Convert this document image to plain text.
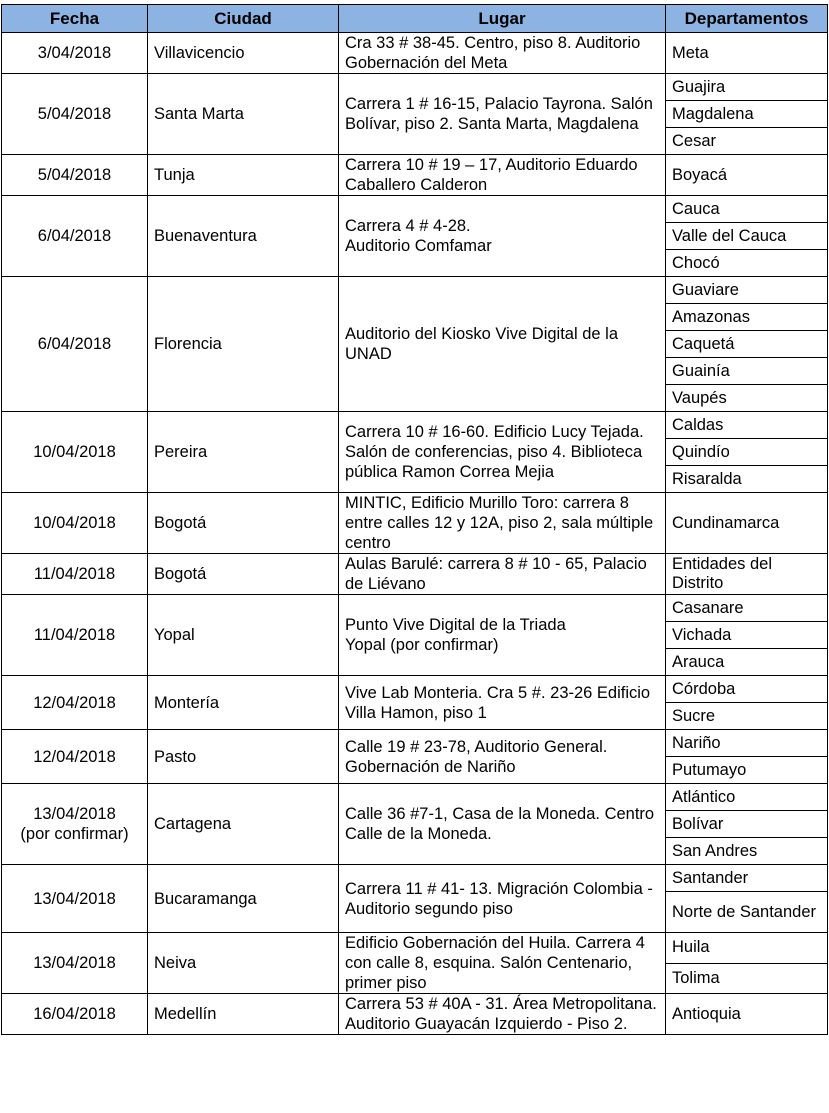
Fecha	Ciudad	Lugar	Departamentos
3/04/2018	Villavicencio	Cra 33 # 38-45. Centro, piso 8. Auditorio Gobernación del Meta	Meta
5/04/2018	Santa Marta	Carrera 1 # 16-15, Palacio Tayrona. Salón Bolívar, piso 2. Santa Marta, Magdalena	Guajira
			Magdalena
			Cesar
5/04/2018	Tunja	Carrera 10 # 19 – 17, Auditorio Eduardo Caballero Calderon	Boyacá
6/04/2018	Buenaventura	Carrera 4 # 4-28.
Auditorio Comfamar	Cauca
			Valle del Cauca
			Chocó
6/04/2018	Florencia	Auditorio del Kiosko Vive Digital de la UNAD	Guaviare
			Amazonas
			Caquetá
			Guainía
			Vaupés
10/04/2018	Pereira	Carrera 10 # 16-60. Edificio Lucy Tejada. Salón de conferencias, piso 4. Biblioteca pública Ramon Correa Mejia	Caldas
			Quindío
			Risaralda
10/04/2018	Bogotá	MINTIC, Edificio Murillo Toro: carrera 8 entre calles 12 y 12A, piso 2, sala múltiple centro	Cundinamarca
11/04/2018	Bogotá	Aulas Barulé: carrera 8 # 10 - 65, Palacio de Liévano	Entidades del Distrito
11/04/2018	Yopal	Punto Vive Digital de la Triada
Yopal (por confirmar)	Casanare
			Vichada
			Arauca
12/04/2018	Montería	Vive Lab Monteria. Cra 5 #. 23-26 Edificio Villa Hamon, piso 1	Córdoba
			Sucre
12/04/2018	Pasto	Calle 19 # 23-78, Auditorio General. Gobernación de Nariño	Nariño
			Putumayo
13/04/2018
(por confirmar)	Cartagena	Calle 36 #7-1, Casa de la Moneda. Centro Calle de la Moneda.	Atlántico
			Bolívar
			San Andres
13/04/2018	Bucaramanga	Carrera 11 # 41- 13. Migración Colombia - Auditorio segundo piso	Santander
			Norte de Santander
13/04/2018	Neiva	Edificio Gobernación del Huila. Carrera 4 con calle 8, esquina. Salón Centenario, primer piso	Huila
			Tolima
16/04/2018	Medellín	Carrera 53 # 40A - 31. Área Metropolitana. Auditorio Guayacán Izquierdo - Piso 2.	Antioquia
